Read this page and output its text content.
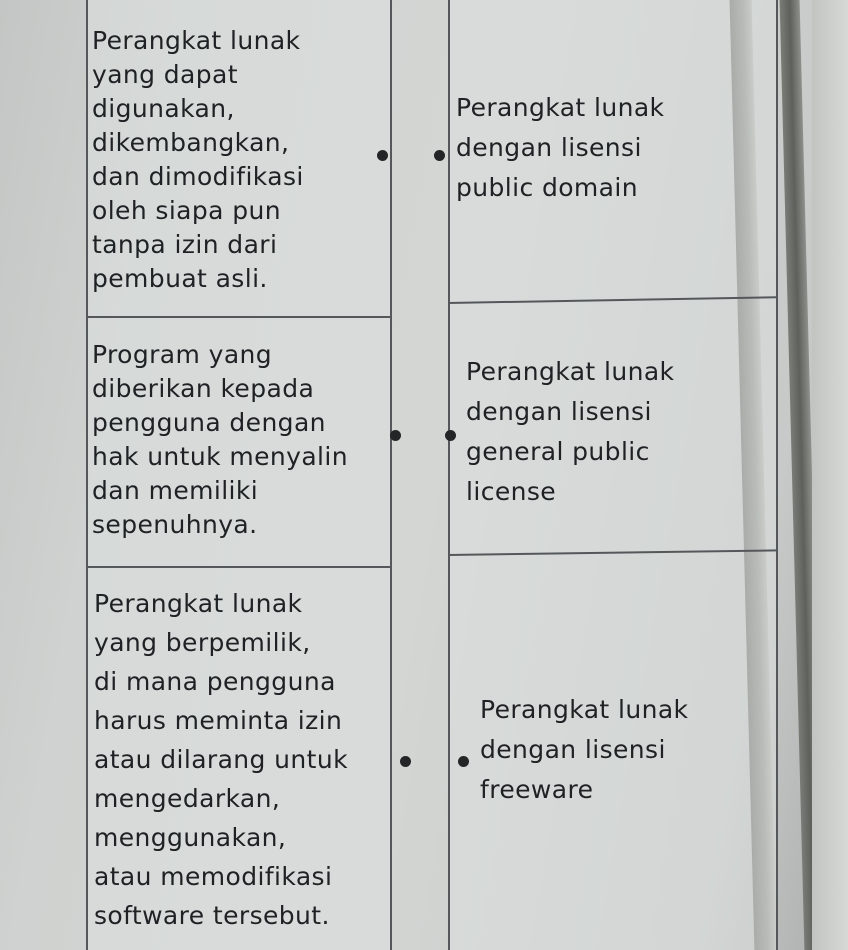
Perangkat lunak
yang dapat
digunakan,
dikembangkan,
dan dimodifikasi
oleh siapa pun
tanpa izin dari
pembuat asli.
Program yang
diberikan kepada
pengguna dengan
hak untuk menyalin
dan memiliki
sepenuhnya.
Perangkat lunak
yang berpemilik,
di mana pengguna
harus meminta izin
atau dilarang untuk
mengedarkan,
menggunakan,
atau memodifikasi
software tersebut.
Perangkat lunak
dengan lisensi
public domain
Perangkat lunak
dengan lisensi
general public
license
Perangkat lunak
dengan lisensi
freeware
